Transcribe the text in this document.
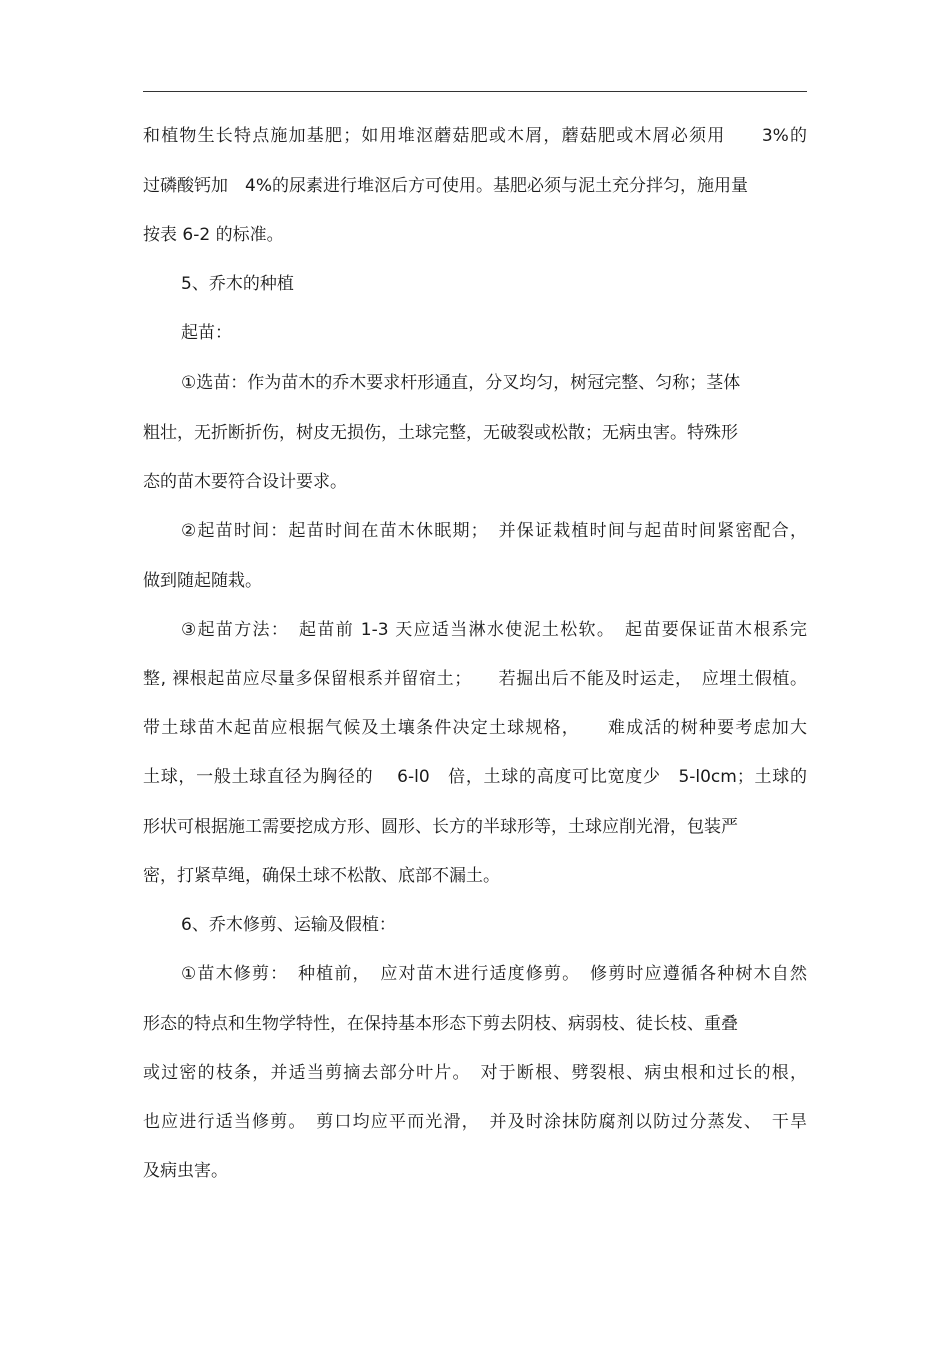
和植物生长特点施加基肥；如用堆沤蘑菇肥或木屑，蘑菇肥或木屑必须用　　3%的
过磷酸钙加　4%的尿素进行堆沤后方可使用。基肥必须与泥土充分拌匀，施用量
按表 6-2 的标准。
5、乔木的种植
起苗：
①选苗：作为苗木的乔木要求杆形通直，分叉均匀，树冠完整、匀称；茎体
粗壮，无折断折伤，树皮无损伤，土球完整，无破裂或松散；无病虫害。特殊形
态的苗木要符合设计要求。
②起苗时间：起苗时间在苗木休眠期；　并保证栽植时间与起苗时间紧密配合，
做到随起随栽。
③起苗方法：　起苗前 1-3 天应适当淋水使泥土松软。　起苗要保证苗木根系完
整, 裸根起苗应尽量多保留根系并留宿土；　　若掘出后不能及时运走，　应埋土假植。
带土球苗木起苗应根据气候及土壤条件决定土球规格，　　难成活的树种要考虑加大
土球，一般土球直径为胸径的　 6-l0　倍，土球的高度可比宽度少　5-l0cm；土球的
形状可根据施工需要挖成方形、圆形、长方的半球形等，土球应削光滑，包装严
密，打紧草绳，确保土球不松散、底部不漏土。
6、乔木修剪、运输及假植：
①苗木修剪：　种植前，　应对苗木进行适度修剪。　修剪时应遵循各种树木自然
形态的特点和生物学特性，在保持基本形态下剪去阴枝、病弱枝、徒长枝、重叠
或过密的枝条，并适当剪摘去部分叶片。　对于断根、劈裂根、病虫根和过长的根，
也应进行适当修剪。　剪口均应平而光滑，　并及时涂抹防腐剂以防过分蒸发、　干旱
及病虫害。
